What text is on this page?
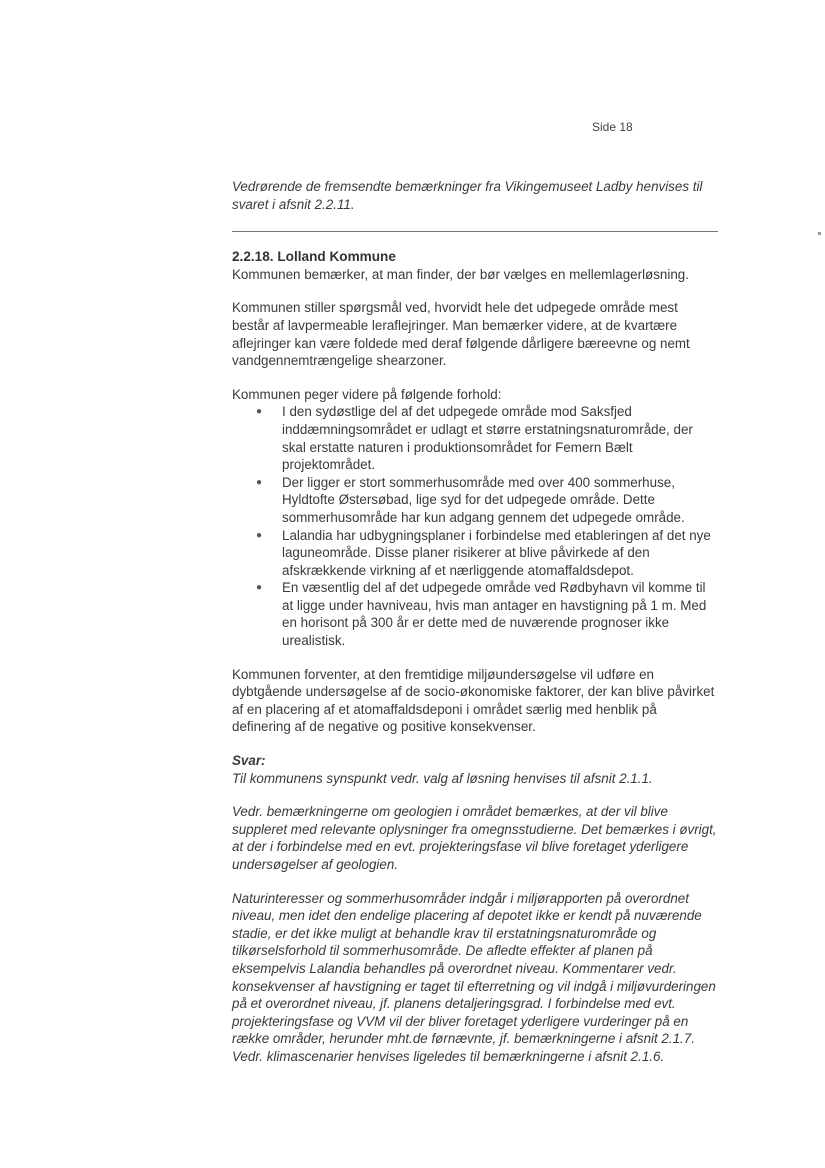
Side 18

Vedrørende de fremsendte bemærkninger fra Vikingemuseet Ladby henvises til svaret i afsnit 2.2.11.

2.2.18. Lolland Kommune

Kommunen bemærker, at man finder, der bør vælges en mellemlagerløsning.

Kommunen stiller spørgsmål ved, hvorvidt hele det udpegede område mest består af lavpermeable leraflejringer. Man bemærker videre, at de kvartære aflejringer kan være foldede med deraf følgende dårligere bæreevne og nemt vandgennemtrængelige shearzoner.

Kommunen peger videre på følgende forhold:

● I den sydøstlige del af det udpegede område mod Saksfjed inddæmningsområdet er udlagt et større erstatningsnaturområde, der skal erstatte naturen i produktionsområdet for Femern Bælt projektområdet.
● Der ligger er stort sommerhusområde med over 400 sommerhuse, Hyldtofte Østersøbad, lige syd for det udpegede område. Dette sommerhusområde har kun adgang gennem det udpegede område.
● Lalandia har udbygningsplaner i forbindelse med etableringen af det nye laguneområde. Disse planer risikerer at blive påvirkede af den afskrækkende virkning af et nærliggende atomaffaldsdepot.
● En væsentlig del af det udpegede område ved Rødbyhavn vil komme til at ligge under havniveau, hvis man antager en havstigning på 1 m. Med en horisont på 300 år er dette med de nuværende prognoser ikke urealistisk.

Kommunen forventer, at den fremtidige miljøundersøgelse vil udføre en dybtgående undersøgelse af de socio-økonomiske faktorer, der kan blive påvirket af en placering af et atomaffaldsdeponi i området særlig med henblik på definering af de negative og positive konsekvenser.

Svar:

Til kommunens synspunkt vedr. valg af løsning henvises til afsnit 2.1.1.

Vedr. bemærkningerne om geologien i området bemærkes, at der vil blive suppleret med relevante oplysninger fra omegnsstudierne. Det bemærkes i øvrigt, at der i forbindelse med en evt. projekteringsfase vil blive foretaget yderligere undersøgelser af geologien.

Naturinteresser og sommerhusområder indgår i miljørapporten på overordnet niveau, men idet den endelige placering af depotet ikke er kendt på nuværende stadie, er det ikke muligt at behandle krav til erstatningsnaturområde og tilkørselsforhold til sommerhusområde. De afledte effekter af planen på eksempelvis Lalandia behandles på overordnet niveau. Kommentarer vedr. konsekvenser af havstigning er taget til efterretning og vil indgå i miljøvurderingen på et overordnet niveau, jf. planens detaljeringsgrad. I forbindelse med evt. projekteringsfase og VVM vil der bliver foretaget yderligere vurderinger på en række områder, herunder mht.de førnævnte, jf. bemærkningerne i afsnit 2.1.7. Vedr. klimascenarier henvises ligeledes til bemærkningerne i afsnit 2.1.6.
